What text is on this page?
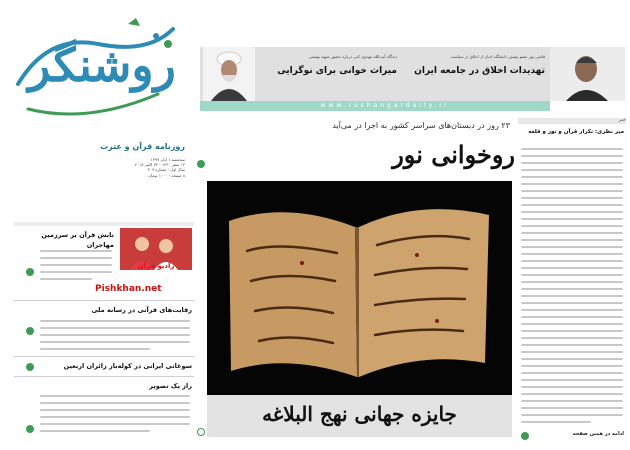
روشنگر
روزنامه قرآن و عترت
سه‌شنبه ۱ آبان ۱۳۹۷
۱۳ صفر ۱۴۴۰ - ۲۳ اکتبر ۲۰۱۸
سال اول - شماره ۳۰۹
۸ صفحه - ۱۰۰۰ تومان
www.roshangardaily.ir
قاضی پور عضو پیشین دانشگاه ادیان از اخلاق در سیاست
تهدیدات اخلاق در جامعه ایران
دیدگاه آیت‌الله مهدوی کنی درباره حضور شهید بهشتی
میراث خوانی برای نوگرایی
۲۳ روز در دبستان‌های سراسر کشور به اجرا در می‌آید
روخوانی نور
جایزه جهانی نهج البلاغه
تابش قرآن بر سرزمین مهاجران
رادیو قرآن
Pishkhan.net
رقابت‌های قرآنی در رسانه ملی
سوغاتی ایرانی در کوله‌بار زائران اربعین
راز یک تصویر
خبر
میر نظری: تکرار قرآن و نور و قلعه
ادامه در همین صفحه
